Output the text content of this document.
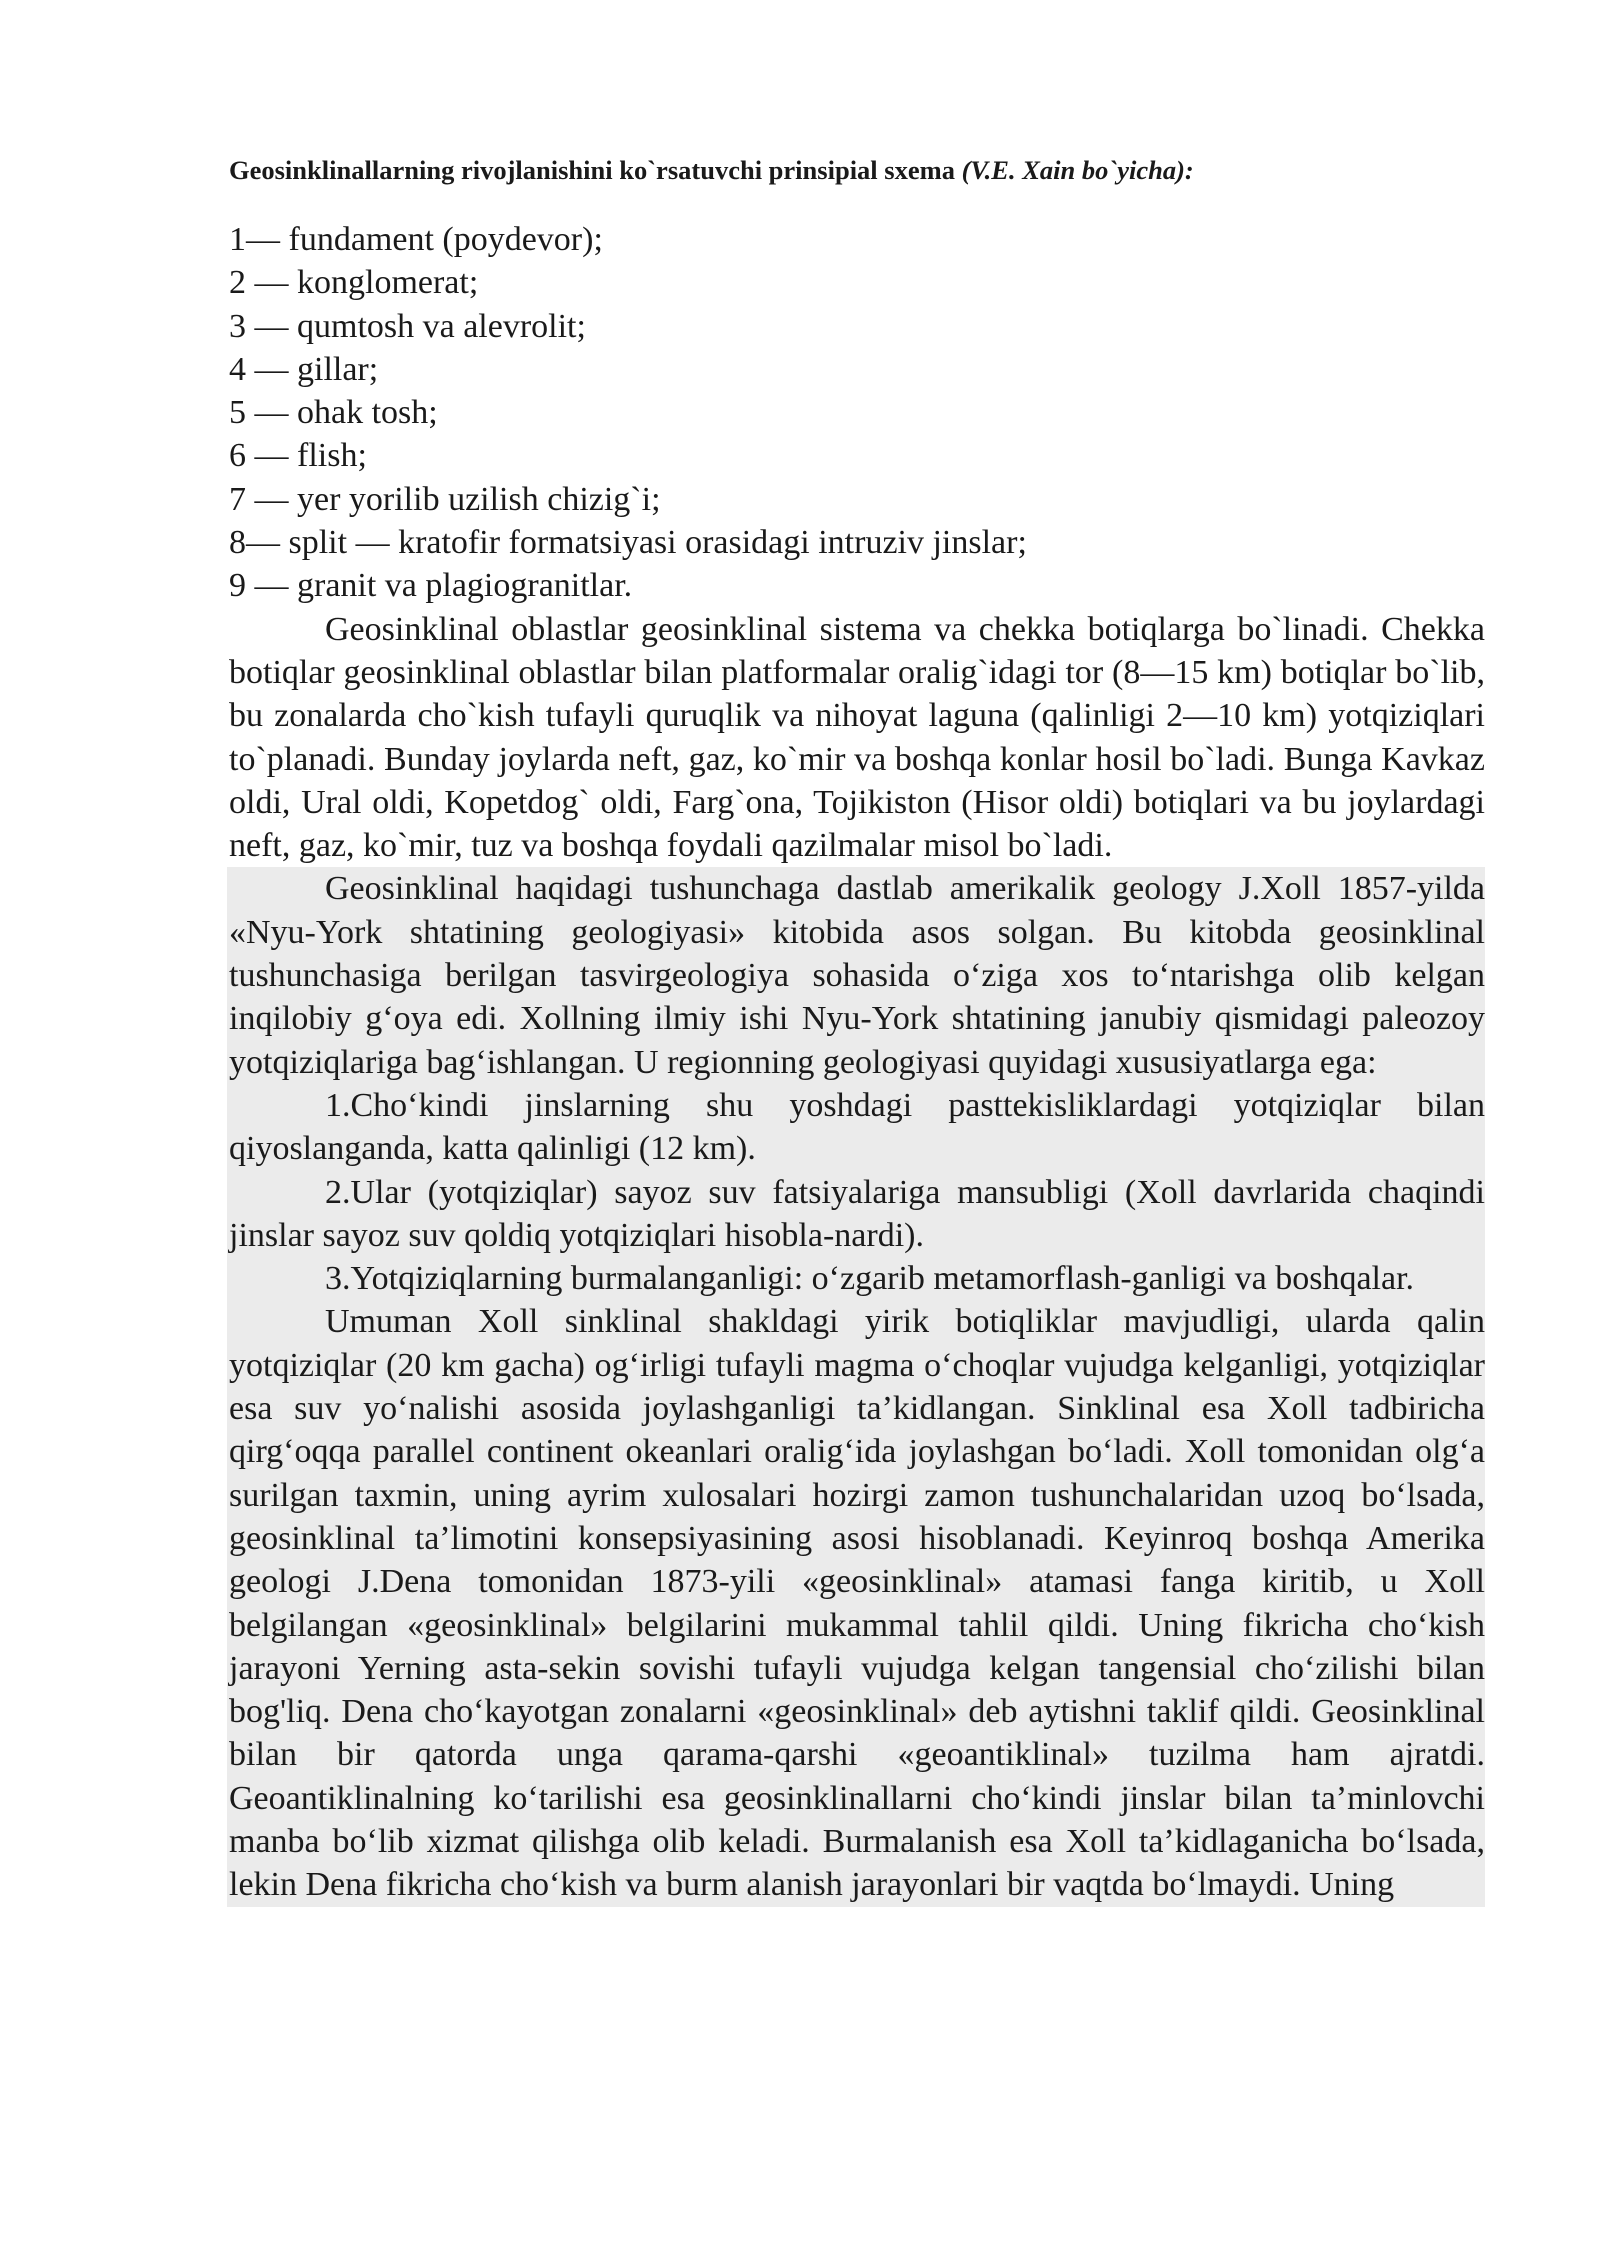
Geosinklinallarning rivojlanishini ko`rsatuvchi prinsipial sxema (V.E. Xain bo`yicha):
1— fundament (poydevor);
2 — konglomerat;
3 — qumtosh va alevrolit;
4 — gillar;
5 — ohak tosh;
6 — flish;
7 — yer yorilib uzilish chizig`i;
8— split — kratofir formatsiyasi orasidagi intruziv jinslar;
9 — granit va plagiogranitlar.

Geosinklinal oblastlar geosinklinal sistema va chekka botiqlarga bo`linadi. Chekka botiqlar geosinklinal oblastlar bilan platformalar oralig`idagi tor (8—15 km) botiqlar bo`lib, bu zonalarda cho`kish tufayli quruqlik va nihoyat laguna (qalinligi 2—10 km) yotqiziqlari to`planadi. Bunday joylarda neft, gaz, ko`mir va boshqa konlar hosil bo`ladi. Bunga Kavkaz oldi, Ural oldi, Kopetdog` oldi, Farg`ona, Tojikiston (Hisor oldi) botiqlari va bu joylardagi neft, gaz, ko`mir, tuz va boshqa foydali qazilmalar misol bo`ladi.

Geosinklinal haqidagi tushunchaga dastlab amerikalik geology J.Xoll 1857-yilda «Nyu-York shtatining geologiyasi» kitobida asos solgan. Bu kitobda geosinklinal tushunchasiga berilgan tasvirgeologiya sohasida o‘ziga xos to‘ntarishga olib kelgan inqilobiy g‘oya edi. Xollning ilmiy ishi Nyu-York shtatining janubiy qismidagi paleozoy yotqiziqlariga bag‘ishlangan. U regionning geologiyasi quyidagi xususiyatlarga ega:

1.Cho‘kindi jinslarning shu yoshdagi pasttekisliklardagi yotqiziqlar bilan qiyoslanganda, katta qalinligi (12 km).

2.Ular (yotqiziqlar) sayoz suv fatsiyalariga mansubligi (Xoll davrlarida chaqindi jinslar sayoz suv qoldiq yotqiziqlari hisobla-nardi).

3.Yotqiziqlarning burmalanganligi: o‘zgarib metamorflash-ganligi va boshqalar.

Umuman Xoll sinklinal shakldagi yirik botiqliklar mavjudligi, ularda qalin yotqiziqlar (20 km gacha) og‘irligi tufayli magma o‘choqlar vujudga kelganligi, yotqiziqlar esa suv yo‘nalishi asosida joylashganligi ta’kidlangan. Sinklinal esa Xoll tadbiricha qirg‘oqqa parallel continent okeanlari oralig‘ida joylashgan bo‘ladi. Xoll tomonidan olg‘a surilgan taxmin, uning ayrim xulosalari hozirgi zamon tushunchalaridan uzoq bo‘lsada, geosinklinal ta’limotini konsepsiyasining asosi hisoblanadi. Keyinroq boshqa Amerika geologi J.Dena tomonidan 1873-yili «geosinklinal» atamasi fanga kiritib, u Xoll belgilangan «geosinklinal» belgilarini mukammal tahlil qildi. Uning fikricha cho‘kish jarayoni Yerning asta-sekin sovishi tufayli vujudga kelgan tangensial cho‘zilishi bilan bog'liq. Dena cho‘kayotgan zonalarni «geosinklinal» deb aytishni taklif qildi. Geosinklinal bilan bir qatorda unga qarama-qarshi «geoantiklinal» tuzilma ham ajratdi. Geoantiklinalning ko‘tarilishi esa geosinklinallarni cho‘kindi jinslar bilan ta’minlovchi manba bo‘lib xizmat qilishga olib keladi. Burmalanish esa Xoll ta’kidlaganicha bo‘lsada, lekin Dena fikricha cho‘kish va burm alanish jarayonlari bir vaqtda bo‘lmaydi. Uning
